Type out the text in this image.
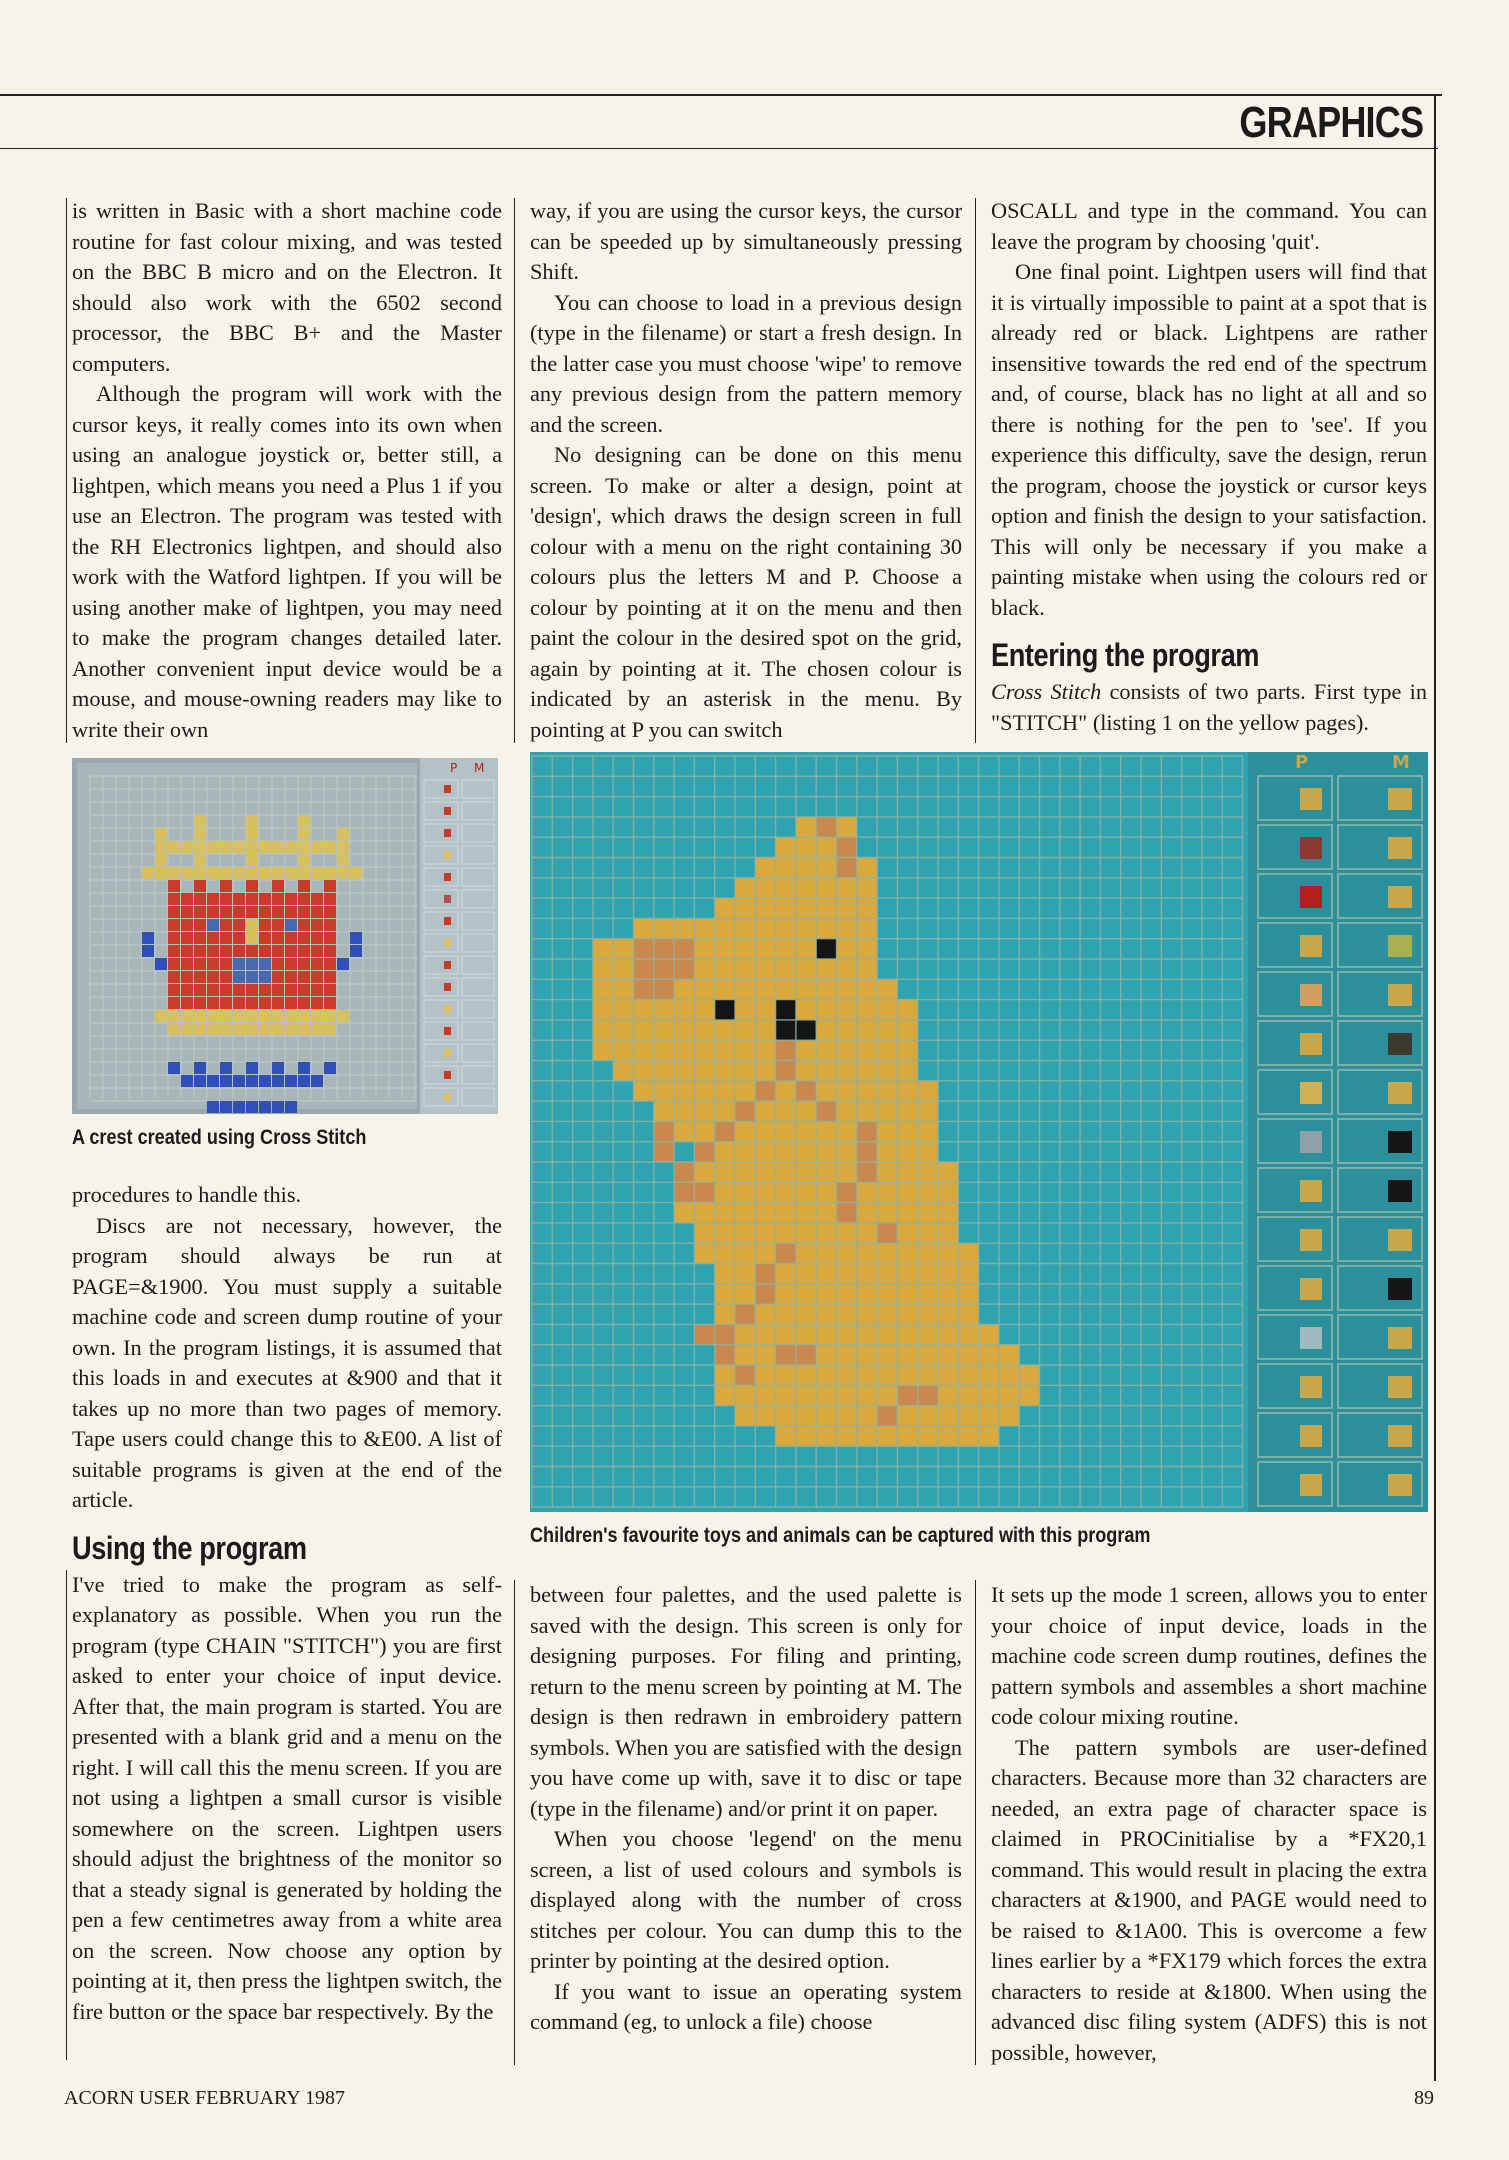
GRAPHICS

is written in Basic with a short machine code routine for fast colour mixing, and was tested on the BBC B micro and on the Electron. It should also work with the 6502 second processor, the BBC B+ and the Master computers.

Although the program will work with the cursor keys, it really comes into its own when using an analogue joystick or, better still, a lightpen, which means you need a Plus 1 if you use an Electron. The program was tested with the RH Electronics lightpen, and should also work with the Watford lightpen. If you will be using another make of lightpen, you may need to make the program changes detailed later. Another convenient input device would be a mouse, and mouse-owning readers may like to write their own

P M
A crest created using Cross Stitch

procedures to handle this.

Discs are not necessary, however, the program should always be run at PAGE=&1900. You must supply a suitable machine code and screen dump routine of your own. In the program listings, it is assumed that this loads in and executes at &900 and that it takes up no more than two pages of memory. Tape users could change this to &E00. A list of suitable programs is given at the end of the article.

Using the program

I've tried to make the program as self-explanatory as possible. When you run the program (type CHAIN "STITCH") you are first asked to enter your choice of input device. After that, the main program is started. You are presented with a blank grid and a menu on the right. I will call this the menu screen. If you are not using a lightpen a small cursor is visible somewhere on the screen. Lightpen users should adjust the brightness of the monitor so that a steady signal is generated by holding the pen a few centimetres away from a white area on the screen. Now choose any option by pointing at it, then press the lightpen switch, the fire button or the space bar respectively. By the

way, if you are using the cursor keys, the cursor can be speeded up by simultaneously pressing Shift.

You can choose to load in a previous design (type in the filename) or start a fresh design. In the latter case you must choose 'wipe' to remove any previous design from the pattern memory and the screen.

No designing can be done on this menu screen. To make or alter a design, point at 'design', which draws the design screen in full colour with a menu on the right containing 30 colours plus the letters M and P. Choose a colour by pointing at it on the menu and then paint the colour in the desired spot on the grid, again by pointing at it. The chosen colour is indicated by an asterisk in the menu. By pointing at P you can switch

OSCALL and type in the command. You can leave the program by choosing 'quit'.

One final point. Lightpen users will find that it is virtually impossible to paint at a spot that is already red or black. Lightpens are rather insensitive towards the red end of the spectrum and, of course, black has no light at all and so there is nothing for the pen to 'see'. If you experience this difficulty, save the design, rerun the program, choose the joystick or cursor keys option and finish the design to your satisfaction. This will only be necessary if you make a painting mistake when using the colours red or black.

Entering the program

Cross Stitch consists of two parts. First type in "STITCH" (listing 1 on the yellow pages).

P	M
Children's favourite toys and animals can be captured with this program

between four palettes, and the used palette is saved with the design. This screen is only for designing purposes. For filing and printing, return to the menu screen by pointing at M. The design is then redrawn in embroidery pattern symbols. When you are satisfied with the design you have come up with, save it to disc or tape (type in the filename) and/or print it on paper.

When you choose 'legend' on the menu screen, a list of used colours and symbols is displayed along with the number of cross stitches per colour. You can dump this to the printer by pointing at the desired option.

If you want to issue an operating system command (eg, to unlock a file) choose

It sets up the mode 1 screen, allows you to enter your choice of input device, loads in the machine code screen dump routines, defines the pattern symbols and assembles a short machine code colour mixing routine.

The pattern symbols are user-defined characters. Because more than 32 characters are needed, an extra page of character space is claimed in PROCinitialise by a *FX20,1 command. This would result in placing the extra characters at &1900, and PAGE would need to be raised to &1A00. This is overcome a few lines earlier by a *FX179 which forces the extra characters to reside at &1800. When using the advanced disc filing system (ADFS) this is not possible, however,

ACORN USER FEBRUARY 1987	89
